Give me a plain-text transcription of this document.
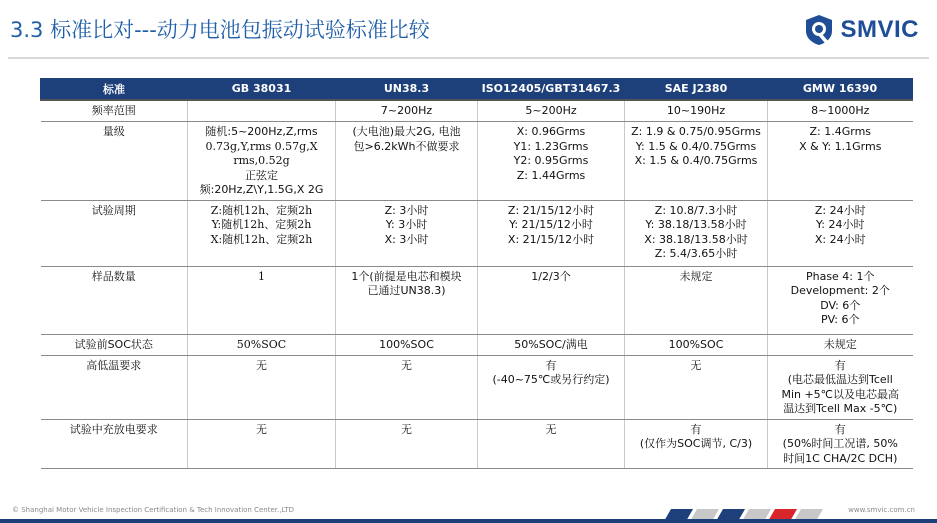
3.3 标准比对---动力电池包振动试验标准比较	SMVIC
标准	GB 38031	UN38.3	ISO12405/GBT31467.3	SAE J2380	GMW 16390
频率范围		7~200Hz	5~200Hz	10~190Hz	8~1000Hz

量级	随机:5~200Hz,Z,rms
0.73g,Y,rms 0.57g,X
rms,0.52g
正弦定
频:20Hz,Z\Y,1.5G,X 2G	(大电池)最大2G, 电池
包>6.2kWh不做要求	X: 0.96Grms
Y1: 1.23Grms
Y2: 0.95Grms
Z: 1.44Grms	Z: 1.9 & 0.75/0.95Grms
Y: 1.5 & 0.4/0.75Grms
X: 1.5 & 0.4/0.75Grms	Z: 1.4Grms
X & Y: 1.1Grms

试验周期	Z:随机12h、定频2h
Y:随机12h、定频2h
X:随机12h、定频2h	Z: 3小时
Y: 3小时
X: 3小时	Z: 21/15/12小时
Y: 21/15/12小时
X: 21/15/12小时	Z: 10.8/7.3小时
Y: 38.18/13.58小时
X: 38.18/13.58小时
Z: 5.4/3.65小时	Z: 24小时
Y: 24小时
X: 24小时

样品数量	1	1个(前提是电芯和模块
已通过UN38.3)	1/2/3个	未规定	Phase 4: 1个
Development: 2个
DV: 6个
PV: 6个

试验前SOC状态	50%SOC	100%SOC	50%SOC/满电	100%SOC	未规定

高低温要求	无	无	有
(-40~75℃或另行约定)	无	有
(电芯最低温达到Tcell
Min +5℃以及电芯最高
温达到Tcell Max -5℃)

试验中充放电要求	无	无	无	有
(仅作为SOC调节, C/3)	有
(50%时间工况谱, 50%
时间1C CHA/2C DCH)
© Shanghai Motor Vehicle Inspection Certification & Tech Innovation Center.,LTD	www.smvic.com.cn
